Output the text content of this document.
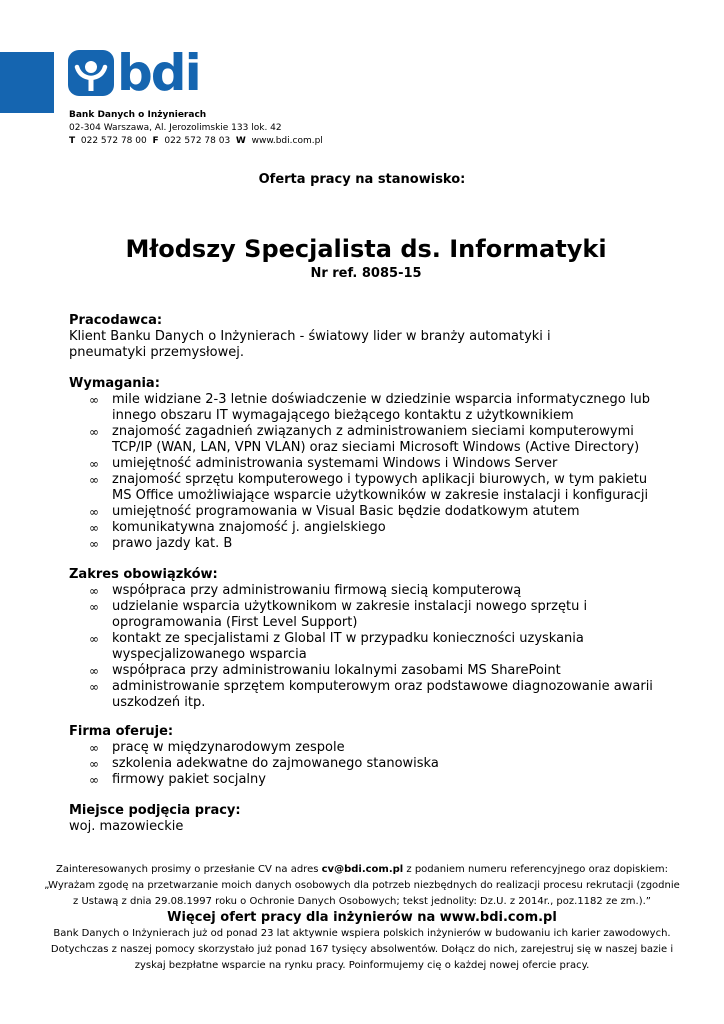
bdi
Bank Danych o Inżynierach
02-304 Warszawa, Al. Jerozolimskie 133 lok. 42
T 022 572 78 00 F 022 572 78 03 W www.bdi.com.pl
Oferta pracy na stanowisko:
Młodszy Specjalista ds. Informatyki
Nr ref. 8085-15
Pracodawca:

Klient Banku Danych o Inżynierach - światowy lider w branży automatyki i pneumatyki przemysłowej.

Wymagania:
∞ mile widziane 2-3 letnie doświadczenie w dziedzinie wsparcia informatycznego lub innego obszaru IT wymagającego bieżącego kontaktu z użytkownikiem
∞ znajomość zagadnień związanych z administrowaniem sieciami komputerowymi TCP/IP (WAN, LAN, VPN VLAN) oraz sieciami Microsoft Windows (Active Directory)
∞ umiejętność administrowania systemami Windows i Windows Server
∞ znajomość sprzętu komputerowego i typowych aplikacji biurowych, w tym pakietu MS Office umożliwiające wsparcie użytkowników w zakresie instalacji i konfiguracji
∞ umiejętność programowania w Visual Basic będzie dodatkowym atutem
∞ komunikatywna znajomość j. angielskiego
∞ prawo jazdy kat. B
Zakres obowiązków:
∞ współpraca przy administrowaniu firmową siecią komputerową
∞ udzielanie wsparcia użytkownikom w zakresie instalacji nowego sprzętu i oprogramowania (First Level Support)
∞ kontakt ze specjalistami z Global IT w przypadku konieczności uzyskania wyspecjalizowanego wsparcia
∞ współpraca przy administrowaniu lokalnymi zasobami MS SharePoint
∞ administrowanie sprzętem komputerowym oraz podstawowe diagnozowanie awarii uszkodzeń itp.
Firma oferuje:
∞ pracę w międzynarodowym zespole
∞ szkolenia adekwatne do zajmowanego stanowiska
∞ firmowy pakiet socjalny
Miejsce podjęcia pracy:

woj. mazowieckie

Zainteresowanych prosimy o przesłanie CV na adres cv@bdi.com.pl z podaniem numeru referencyjnego oraz dopiskiem:
„Wyrażam zgodę na przetwarzanie moich danych osobowych dla potrzeb niezbędnych do realizacji procesu rekrutacji (zgodnie z Ustawą z dnia 29.08.1997 roku o Ochronie Danych Osobowych; tekst jednolity: Dz.U. z 2014r., poz.1182 ze zm.).”
Więcej ofert pracy dla inżynierów na www.bdi.com.pl
Bank Danych o Inżynierach już od ponad 23 lat aktywnie wspiera polskich inżynierów w budowaniu ich karier zawodowych. Dotychczas z naszej pomocy skorzystało już ponad 167 tysięcy absolwentów. Dołącz do nich, zarejestruj się w naszej bazie i zyskaj bezpłatne wsparcie na rynku pracy. Poinformujemy cię o każdej nowej ofercie pracy.
